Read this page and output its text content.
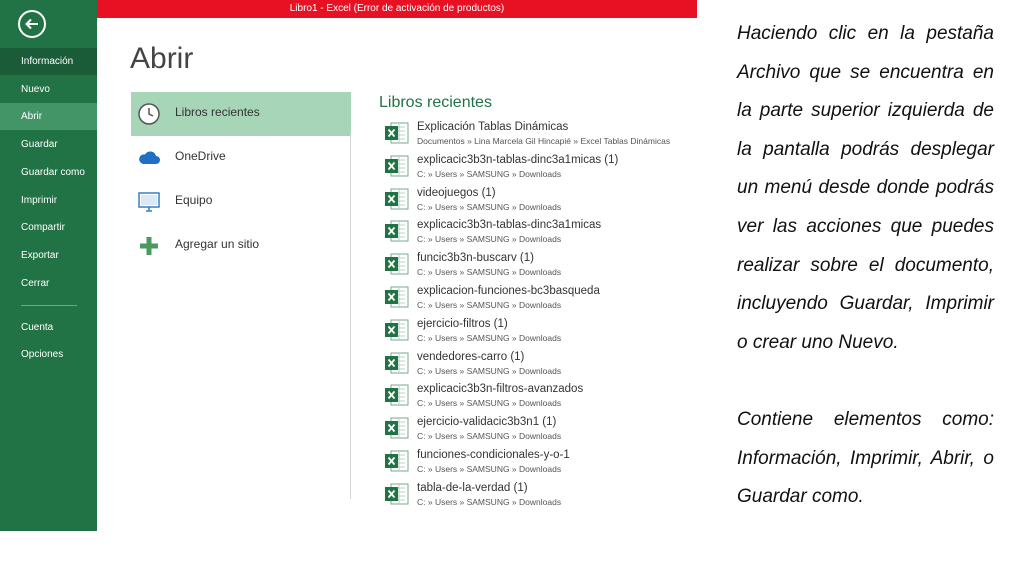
Libro1 - Excel (Error de activación de productos)
Información
Nuevo
Abrir
Guardar
Guardar como
Imprimir
Compartir
Exportar
Cerrar
Cuenta
Opciones
Abrir
Libros recientes
OneDrive
Equipo
Agregar un sitio
Libros recientes
Explicación Tablas Dinámicas
Documentos » Lina Marcela Gil Hincapié » Excel Tablas Dinámicas
explicacic3b3n-tablas-dinc3a1micas (1)
C: » Users » SAMSUNG » Downloads
videojuegos (1)
C: » Users » SAMSUNG » Downloads
explicacic3b3n-tablas-dinc3a1micas
C: » Users » SAMSUNG » Downloads
funcic3b3n-buscarv (1)
C: » Users » SAMSUNG » Downloads
explicacion-funciones-bc3basqueda
C: » Users » SAMSUNG » Downloads
ejercicio-filtros (1)
C: » Users » SAMSUNG » Downloads
vendedores-carro (1)
C: » Users » SAMSUNG » Downloads
explicacic3b3n-filtros-avanzados
C: » Users » SAMSUNG » Downloads
ejercicio-validacic3b3n1 (1)
C: » Users » SAMSUNG » Downloads
funciones-condicionales-y-o-1
C: » Users » SAMSUNG » Downloads
tabla-de-la-verdad (1)
C: » Users » SAMSUNG » Downloads

Haciendo clic en la pestaña Archivo que se encuentra en la parte superior izquierda de la pantalla podrás desplegar un menú desde donde podrás ver las acciones que puedes realizar sobre el documento, incluyendo Guardar, Imprimir o crear uno Nuevo.

Contiene elementos como: Información, Imprimir, Abrir, o Guardar como.
